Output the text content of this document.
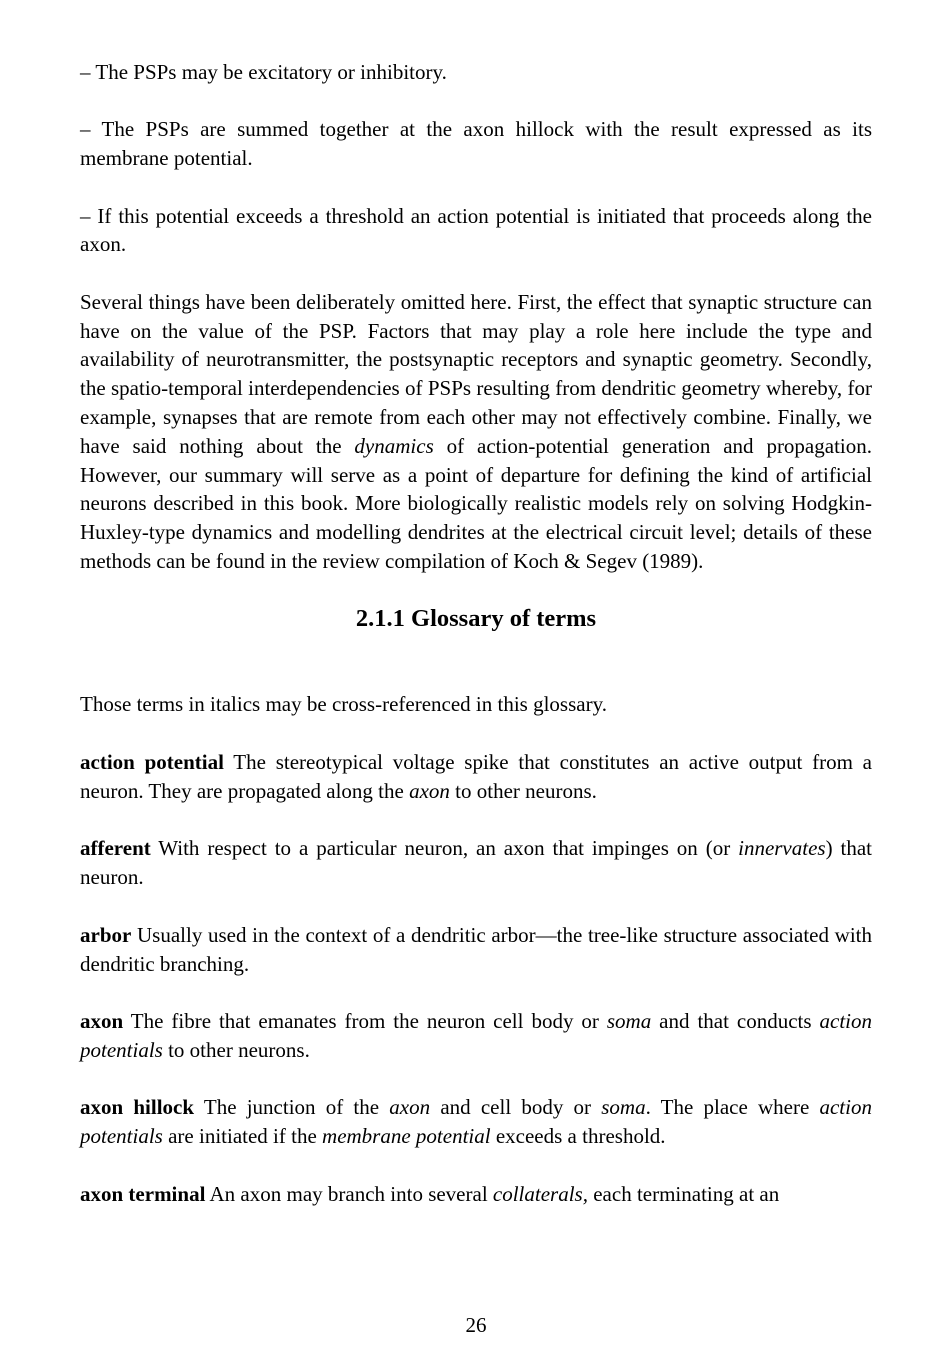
– The PSPs may be excitatory or inhibitory.

– The PSPs are summed together at the axon hillock with the result expressed as its membrane potential.

– If this potential exceeds a threshold an action potential is initiated that proceeds along the axon.

Several things have been deliberately omitted here. First, the effect that synaptic structure can have on the value of the PSP. Factors that may play a role here include the type and availability of neurotransmitter, the postsynaptic receptors and synaptic geometry. Secondly, the spatio-temporal interdependencies of PSPs resulting from dendritic geometry whereby, for example, synapses that are remote from each other may not effectively combine. Finally, we have said nothing about the dynamics of action-potential generation and propagation. However, our summary will serve as a point of departure for defining the kind of artificial neurons described in this book. More biologically realistic models rely on solving Hodgkin-Huxley-type dynamics and modelling dendrites at the electrical circuit level; details of these methods can be found in the review compilation of Koch & Segev (1989).

2.1.1 Glossary of terms

Those terms in italics may be cross-referenced in this glossary.

action potential The stereotypical voltage spike that constitutes an active output from a neuron. They are propagated along the axon to other neurons.

afferent With respect to a particular neuron, an axon that impinges on (or innervates) that neuron.

arbor Usually used in the context of a dendritic arbor—the tree-like structure associated with dendritic branching.

axon The fibre that emanates from the neuron cell body or soma and that conducts action potentials to other neurons.

axon hillock The junction of the axon and cell body or soma. The place where action potentials are initiated if the membrane potential exceeds a threshold.

axon terminal An axon may branch into several collaterals, each terminating at an

26
